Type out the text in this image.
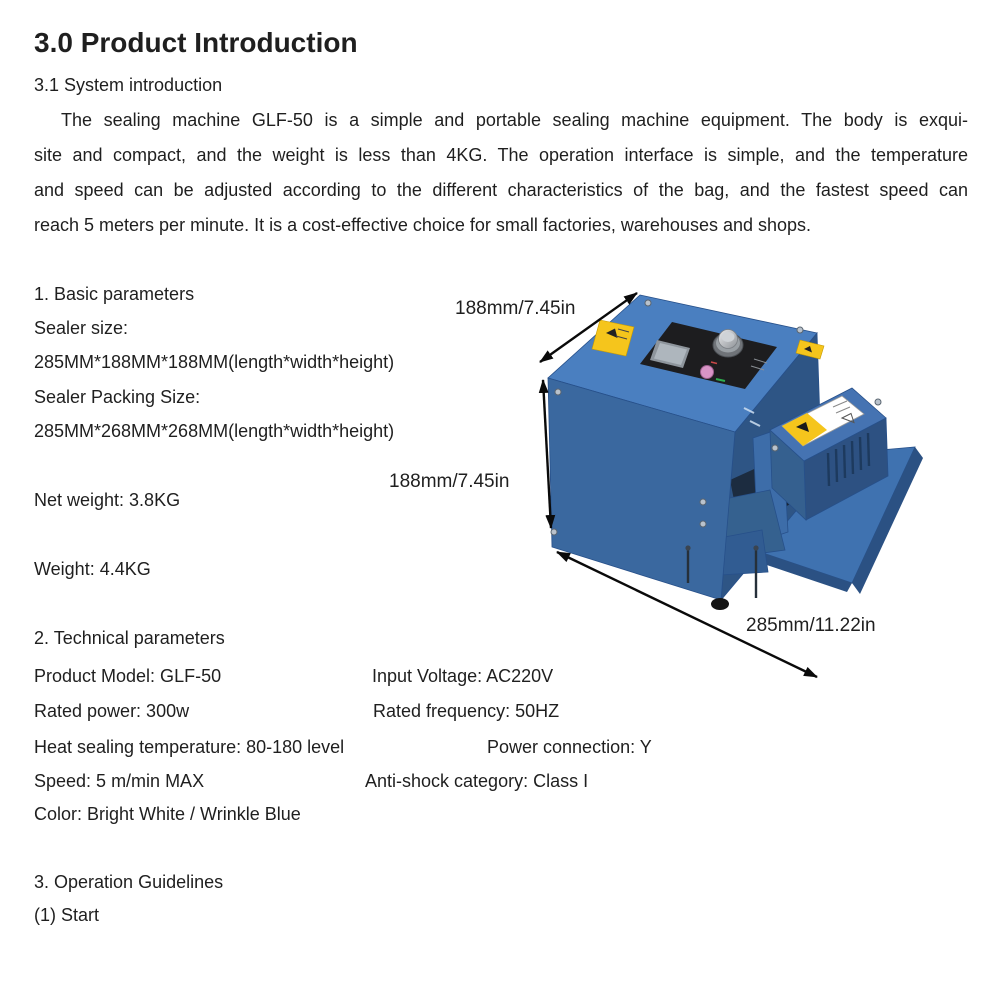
3.0 Product Introduction
3.1 System introduction
The sealing machine GLF-50 is a simple and portable sealing machine equipment. The body is exqui-
site and compact, and the weight is less than 4KG. The operation interface is simple, and the temperature
and speed can be adjusted according to the different characteristics of the bag, and the fastest speed can
reach 5 meters per minute. It is a cost-effective choice for small factories, warehouses and shops.
1. Basic parameters
Sealer size:
285MM*188MM*188MM(length*width*height)
Sealer Packing Size:
285MM*268MM*268MM(length*width*height)
Net weight: 3.8KG
Weight: 4.4KG
2. Technical parameters
Product Model: GLF-50	Input Voltage: AC220V
Rated power: 300w	Rated frequency: 50HZ
Heat sealing temperature: 80-180 level	Power connection: Y
Speed: 5 m/min MAX	Anti-shock category: Class I
Color: Bright White / Wrinkle Blue
3. Operation Guidelines
(1) Start
188mm/7.45in
188mm/7.45in
285mm/11.22in
